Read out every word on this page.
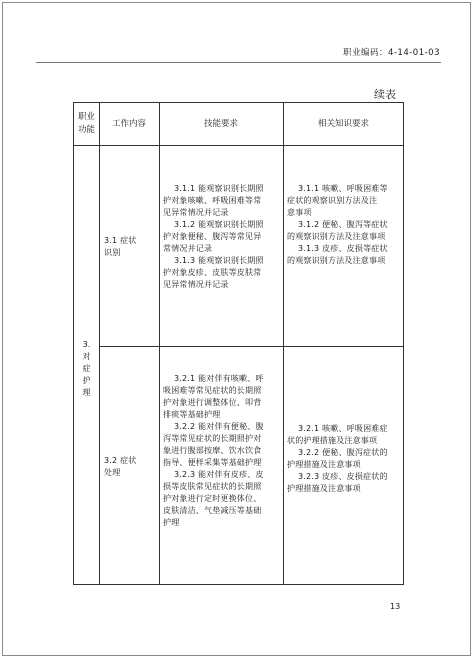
职业编码：4-14-01-03
续表
职业功能
工作内容	技能要求	相关知识要求
3.
对
症
护
理
3.1 症状
识别
3.1.1 能观察识别长期照
护对象咳嗽、呼吸困难等常
见异常情况并记录
3.1.2 能观察识别长期照
护对象便秘、腹泻等常见异
常情况并记录
3.1.3 能观察识别长期照
护对象皮疹、皮肤等皮肤常
见异常情况并记录
3.1.1 咳嗽、呼吸困难等
症状的观察识别方法及注
意事项
3.1.2 便秘、腹泻等症状
的观察识别方法及注意事项
3.1.3 皮疹、皮损等症状
的观察识别方法及注意事项
3.2 症状
处理
3.2.1 能对伴有咳嗽、呼
吸困难等常见症状的长期照
护对象进行调整体位、叩背
排痰等基础护理
3.2.2 能对伴有便秘、腹
泻等常见症状的长期照护对
象进行腹部按摩、饮水饮食
指导、便样采集等基础护理
3.2.3 能对伴有皮疹、皮
损等皮肤常见症状的长期照
护对象进行定时更换体位、
皮肤清洁、气垫减压等基础
护理
3.2.1 咳嗽、呼吸困难症
状的护理措施及注意事项
3.2.2 便秘、腹泻症状的
护理措施及注意事项
3.2.3 皮疹、皮损症状的
护理措施及注意事项
13
